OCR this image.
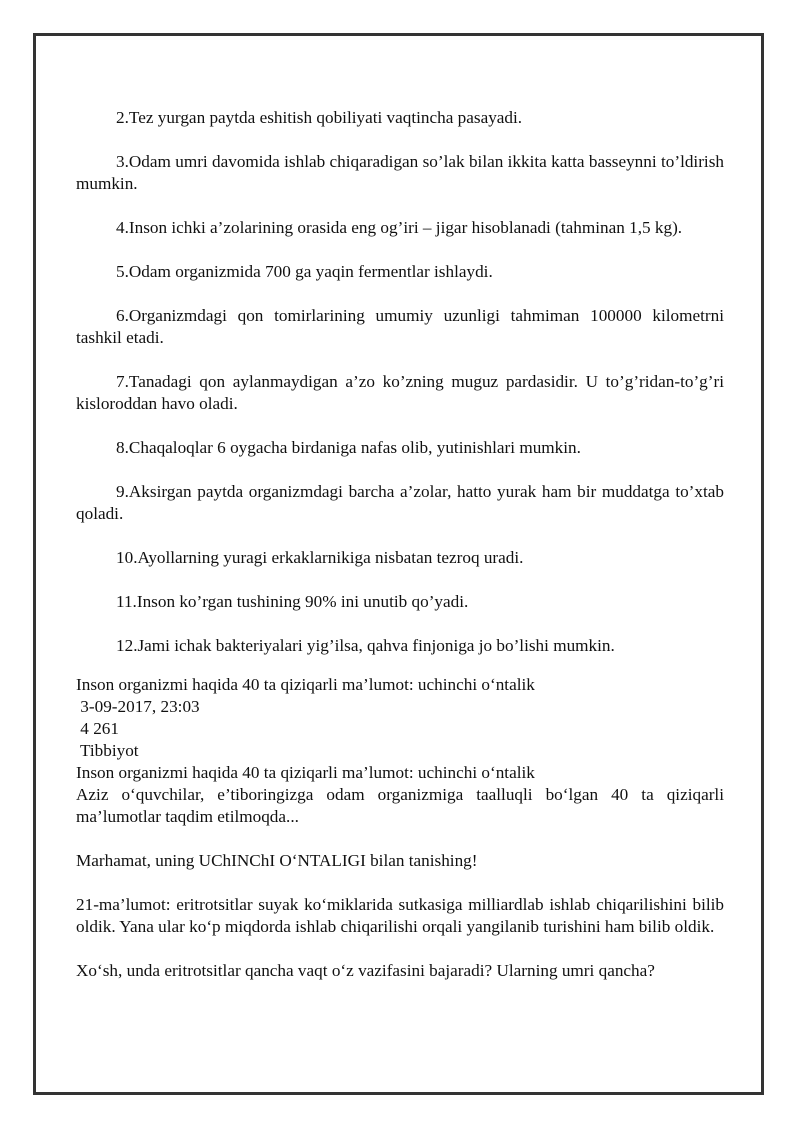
2.Tez yurgan paytda eshitish qobiliyati vaqtincha pasayadi.

3.Odam umri davomida ishlab chiqaradigan so’lak bilan ikkita katta basseynni to’ldirish mumkin.

4.Inson ichki a’zolarining orasida eng og’iri – jigar hisoblanadi (tahminan 1,5 kg).

5.Odam organizmida 700 ga yaqin fermentlar ishlaydi.

6.Organizmdagi qon tomirlarining umumiy uzunligi tahmiman 100000 kilometrni tashkil etadi.

7.Tanadagi qon aylanmaydigan a’zo ko’zning muguz pardasidir. U to’g’ridan-to’g’ri kisloroddan havo oladi.

8.Chaqaloqlar 6 oygacha birdaniga nafas olib, yutinishlari mumkin.

9.Aksirgan paytda organizmdagi barcha a’zolar, hatto yurak ham bir muddatga to’xtab qoladi.

10.Ayollarning yuragi erkaklarnikiga nisbatan tezroq uradi.

11.Inson ko’rgan tushining 90% ini unutib qo’yadi.

12.Jami ichak bakteriyalari yig’ilsa, qahva finjoniga jo bo’lishi mumkin.

Inson organizmi haqida 40 ta qiziqarli ma’lumot: uchinchi o‘ntalik

3-09-2017, 23:03

4 261

Tibbiyot

Inson organizmi haqida 40 ta qiziqarli ma’lumot: uchinchi o‘ntalik

Aziz o‘quvchilar, e’tiboringizga odam organizmiga taalluqli bo‘lgan 40 ta qiziqarli ma’lumotlar taqdim etilmoqda...

Marhamat, uning UChINChI O‘NTALIGI bilan tanishing!

21-ma’lumot: eritrotsitlar suyak ko‘miklarida sutkasiga milliardlab ishlab chiqarilishini bilib oldik. Yana ular ko‘p miqdorda ishlab chiqarilishi orqali yangilanib turishini ham bilib oldik.

Xo‘sh, unda eritrotsitlar qancha vaqt o‘z vazifasini bajaradi? Ularning umri qancha?
